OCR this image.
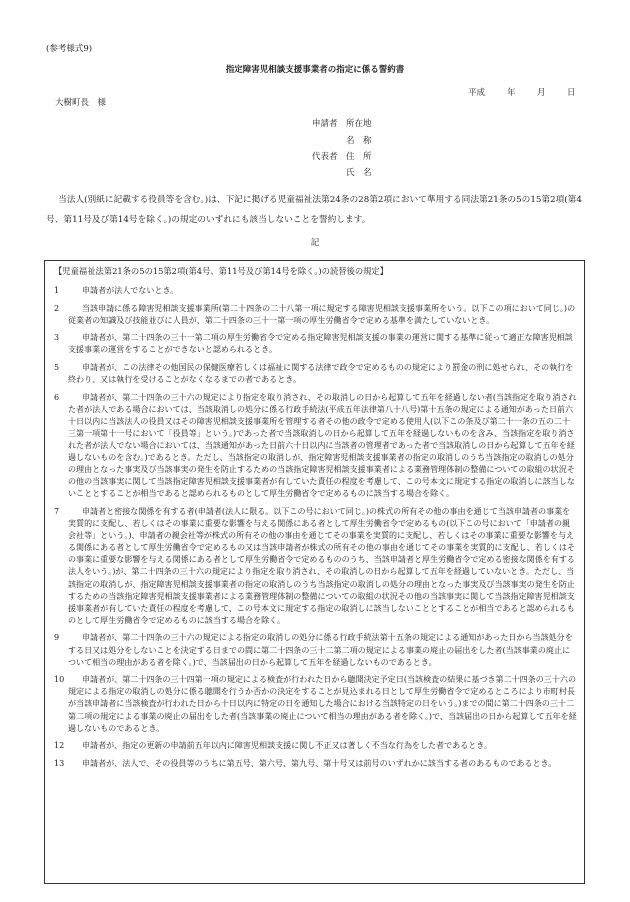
(参考様式9)
指定障害児相談支援事業者の指定に係る誓約書
平成	年	月	日
大樹町長　様
申請者 所在地
名　称
代表者 住　所
氏　名
当法人(別紙に記載する役員等を含む。)は、下記に掲げる児童福祉法第24条の28第2項において準用する同法第21条の5の15第2項(第4号、第11号及び第14号を除く。)の規定のいずれにも該当しないことを誓約します。
記
【児童福祉法第21条の5の15第2項(第4号、第11号及び第14号を除く。)の読替後の規定】
1	申請者が法人でないとき。
2	当該申請に係る障害児相談支援事業所(第二十四条の二十八第一項に規定する障害児相談支援事業所をいう。以下この項において同じ。)の従業者の知識及び技能並びに人員が、第二十四条の三十一第一項の厚生労働省令で定める基準を満たしていないとき。
3	申請者が、第二十四条の三十一第二項の厚生労働省令で定める指定障害児相談支援の事業の運営に関する基準に従って適正な障害児相談支援事業の運営をすることができないと認められるとき。
5	申請者が、この法律その他国民の保健医療若しくは福祉に関する法律で政令で定めるものの規定により罰金の刑に処せられ、その執行を終わり、又は執行を受けることがなくなるまでの者であるとき。
6	申請者が、第二十四条の三十六の規定により指定を取り消され、その取消しの日から起算して五年を経過しない者(当該指定を取り消された者が法人である場合においては、当該取消しの処分に係る行政手続法(平成五年法律第八十八号)第十五条の規定による通知があった日前六十日以内に当該法人の役員又はその障害児相談支援事業所を管理する者その他の政令で定める使用人(以下この条及び第二十一条の五の二十三第一項第十一号において「役員等」という。)であった者で当該取消しの日から起算して五年を経過しないものを含み、当該指定を取り消された者が法人でない場合においては、当該通知があった日前六十日以内に当該者の管理者であった者で当該取消しの日から起算して五年を経過しないものを含む。)であるとき。ただし、当該指定の取消しが、指定障害児相談支援事業者の指定の取消しのうち当該指定の取消しの処分の理由となった事実及び当該事実の発生を防止するための当該指定障害児相談支援事業者による業務管理体制の整備についての取組の状況その他の当該事実に関して当該指定障害児相談支援事業者が有していた責任の程度を考慮して、この号本文に規定する指定の取消しに該当しないこととすることが相当であると認められるものとして厚生労働省令で定めるものに該当する場合を除く。
7	申請者と密接な関係を有する者(申請者(法人に限る。以下この号において同じ。)の株式の所有その他の事由を通じて当該申請者の事業を実質的に支配し、若しくはその事業に重要な影響を与える関係にある者として厚生労働省令で定めるもの(以下この号において「申請者の親会社等」という。)、申請者の親会社等が株式の所有その他の事由を通じてその事業を実質的に支配し、若しくはその事業に重要な影響を与える関係にある者として厚生労働省令で定めるもの又は当該申請者が株式の所有その他の事由を通じてその事業を実質的に支配し、若しくはその事業に重要な影響を与える関係にある者として厚生労働省令で定めるもののうち、当該申請者と厚生労働省令で定める密接な関係を有する法人をいう。)が、第二十四条の三十六の規定により指定を取り消され、その取消しの日から起算して五年を経過していないとき。ただし、当該指定の取消しが、指定障害児相談支援事業者の指定の取消しのうち当該指定の取消しの処分の理由となった事実及び当該事実の発生を防止するための当該指定障害児相談支援事業者による業務管理体制の整備についての取組の状況その他の当該事実に関して当該指定障害児相談支援事業者が有していた責任の程度を考慮して、この号本文に規定する指定の取消しに該当しないこととすることが相当であると認められるものとして厚生労働省令で定めるものに該当する場合を除く。
9	申請者が、第二十四条の三十六の規定による指定の取消しの処分に係る行政手続法第十五条の規定による通知があった日から当該処分をする日又は処分をしないことを決定する日までの間に第二十四条の三十二第二項の規定による事業の廃止の届出をした者(当該事業の廃止について相当の理由がある者を除く。)で、当該届出の日から起算して五年を経過しないものであるとき。
10	申請者が、第二十四条の三十四第一項の規定による検査が行われた日から聴聞決定予定日(当該検査の結果に基づき第二十四条の三十六の規定による指定の取消しの処分に係る聴聞を行うか否かの決定をすることが見込まれる日として厚生労働省令で定めるところにより市町村長が当該申請者に当該検査が行われた日から十日以内に特定の日を通知した場合における当該特定の日をいう。)までの間に第二十四条の三十二第二項の規定による事業の廃止の届出をした者(当該事業の廃止について相当の理由がある者を除く。)で、当該届出の日から起算して五年を経過しないものであるとき。
12	申請者が、指定の更新の申請前五年以内に障害児相談支援に関し不正又は著しく不当な行為をした者であるとき。
13	申請者が、法人で、その役員等のうちに第五号、第六号、第九号、第十号又は前号のいずれかに該当する者のあるものであるとき。
